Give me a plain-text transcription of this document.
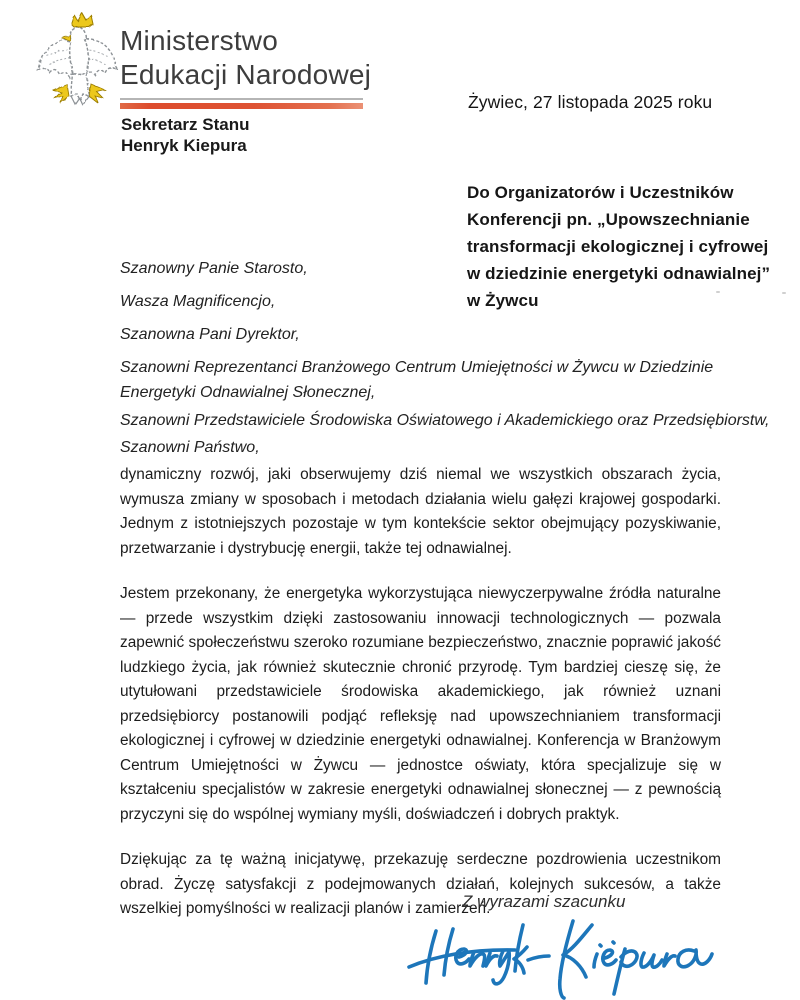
Ministerstwo
Edukacji Narodowej
Sekretarz Stanu
Henryk Kiepura
Żywiec, 27 listopada 2025 roku
Do Organizatorów i Uczestników
Konferencji pn. „Upowszechnianie
transformacji ekologicznej i cyfrowej
w dziedzinie energetyki odnawialnej”
w Żywcu
Szanowny Panie Starosto,
Wasza Magnificencjo,
Szanowna Pani Dyrektor,
Szanowni Reprezentanci Branżowego Centrum Umiejętności w Żywcu w Dziedzinie
Energetyki Odnawialnej Słonecznej,
Szanowni Przedstawiciele Środowiska Oświatowego i Akademickiego oraz Przedsiębiorstw,
Szanowni Państwo,

dynamiczny rozwój, jaki obserwujemy dziś niemal we wszystkich obszarach życia, wymusza zmiany w sposobach i metodach działania wielu gałęzi krajowej gospodarki. Jednym z istotniejszych pozostaje w tym kontekście sektor obejmujący pozyskiwanie, przetwarzanie i dystrybucję energii, także tej odnawialnej.

Jestem przekonany, że energetyka wykorzystująca niewyczerpywalne źródła naturalne — przede wszystkim dzięki zastosowaniu innowacji technologicznych — pozwala zapewnić społeczeństwu szeroko rozumiane bezpieczeństwo, znacznie poprawić jakość ludzkiego życia, jak również skutecznie chronić przyrodę. Tym bardziej cieszę się, że utytułowani przedstawiciele środowiska akademickiego, jak również uznani przedsiębiorcy postanowili podjąć refleksję nad upowszechnianiem transformacji ekologicznej i cyfrowej w dziedzinie energetyki odnawialnej. Konferencja w Branżowym Centrum Umiejętności w Żywcu — jednostce oświaty, która specjalizuje się w kształceniu specjalistów w zakresie energetyki odnawialnej słonecznej — z pewnością przyczyni się do wspólnej wymiany myśli, doświadczeń i dobrych praktyk.

Dziękując za tę ważną inicjatywę, przekazuję serdeczne pozdrowienia uczestnikom obrad. Życzę satysfakcji z podejmowanych działań, kolejnych sukcesów, a także wszelkiej pomyślności w realizacji planów i zamierzeń.

Z wyrazami szacunku
